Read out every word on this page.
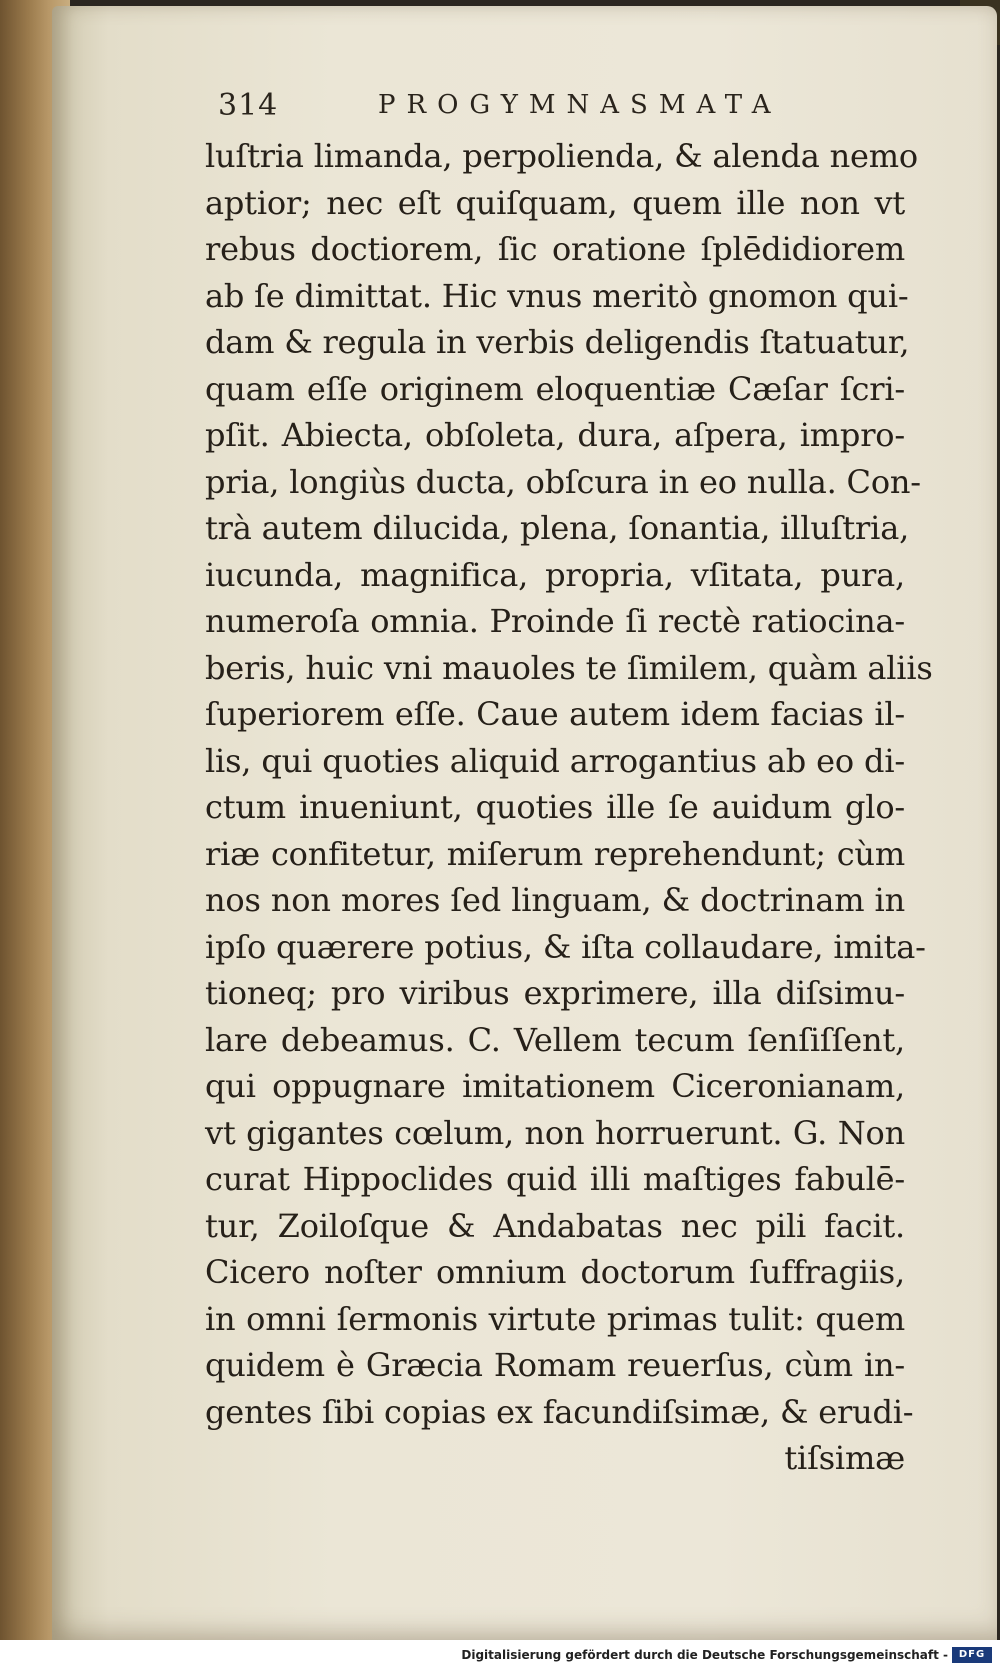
314	PROGYMNASMATA
luſtria limanda, perpolienda, & alenda nemo
aptior; nec eſt quiſquam, quem ille non vt
rebus doctiorem, ſic oratione ſplēdidiorem
ab ſe dimittat. Hic vnus meritò gnomon qui-
dam & regula in verbis deligendis ſtatuatur,
quam eſſe originem eloquentiæ Cæſar ſcri-
pſit. Abiecta, obſoleta, dura, aſpera, impro-
pria, longiùs ducta, obſcura in eo nulla. Con-
trà autem dilucida, plena, ſonantia, illuſtria,
iucunda, magnifica, propria, vſitata, pura,
numeroſa omnia. Proinde ſi rectè ratiocina-
beris, huic vni mauoles te ſimilem, quàm aliis
ſuperiorem eſſe. Caue autem idem facias il-
lis, qui quoties aliquid arrogantius ab eo di-
ctum inueniunt, quoties ille ſe auidum glo-
riæ confitetur, miſerum reprehendunt; cùm
nos non mores ſed linguam, & doctrinam in
ipſo quærere potius, & iſta collaudare, imita-
tioneq; pro viribus exprimere, illa diſsimu-
lare debeamus. C. Vellem tecum ſenſiſſent,
qui oppugnare imitationem Ciceronianam,
vt gigantes cœlum, non horruerunt. G. Non
curat Hippoclides quid illi maſtiges fabulē-
tur, Zoiloſque & Andabatas nec pili facit.
Cicero noſter omnium doctorum ſuffragiis,
in omni ſermonis virtute primas tulit: quem
quidem è Græcia Romam reuerſus, cùm in-
gentes ſibi copias ex facundiſsimæ, & erudi-
tiſsimæ
Digitalisierung gefördert durch die Deutsche Forschungsgemeinschaft -	DFG
